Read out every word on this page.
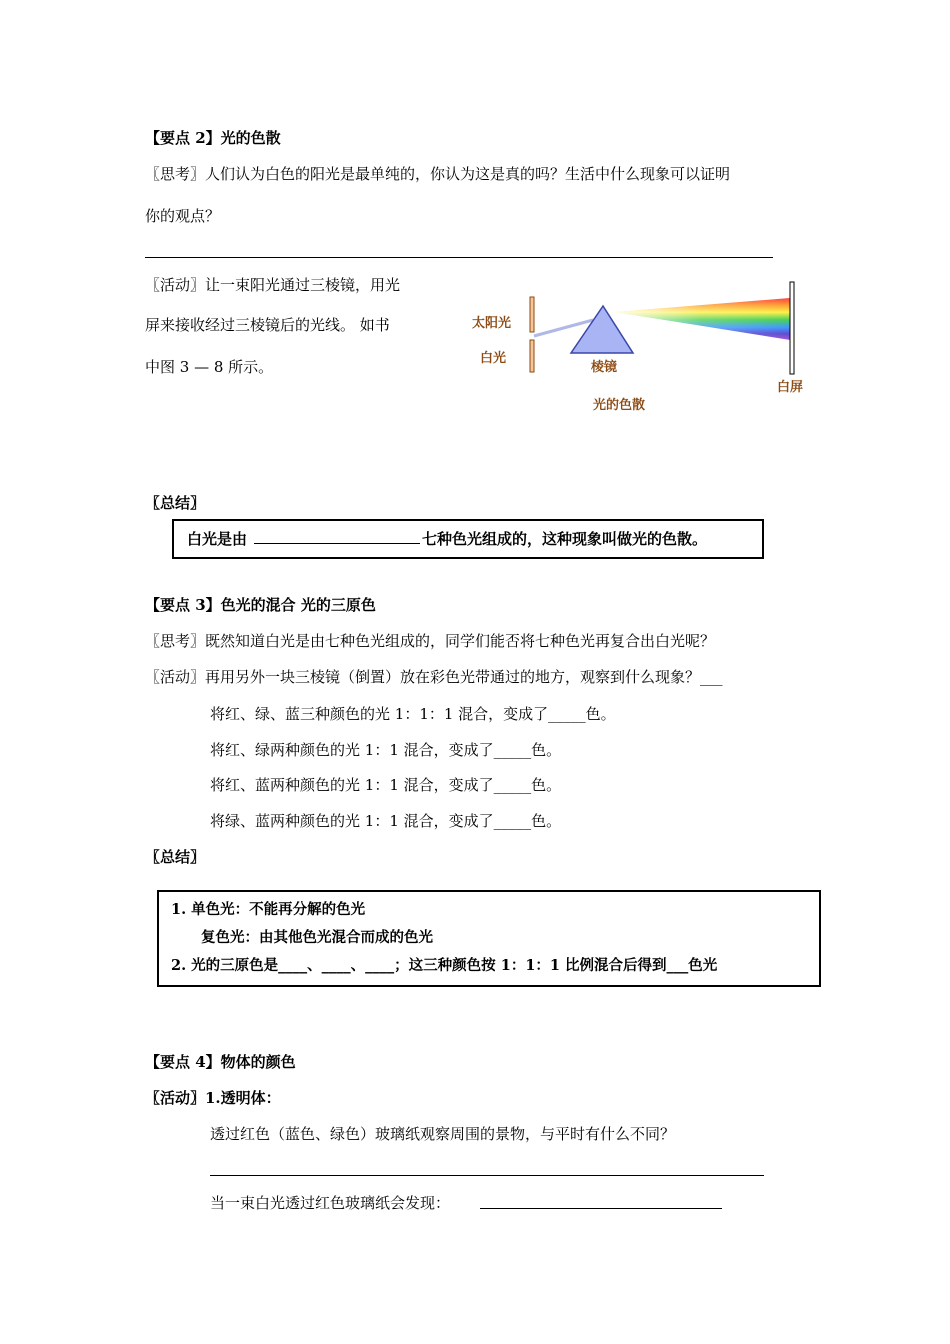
【要点 2】光的色散
〖思考〗人们认为白色的阳光是最单纯的，你认为这是真的吗？生活中什么现象可以证明
你的观点？
〖活动〗让一束阳光通过三棱镜，用光
屏来接收经过三棱镜后的光线。 如书
中图 3 — 8 所示。
太阳光
白光
棱镜
白屏
光的色散
〖总结〗
白光是由	七种色光组成的，这种现象叫做光的色散。
【要点 3】色光的混合 光的三原色
〖思考〗既然知道白光是由七种色光组成的，同学们能否将七种色光再复合出白光呢？
〖活动〗再用另外一块三棱镜（倒置）放在彩色光带通过的地方，观察到什么现象？___
将红、绿、蓝三种颜色的光 1：1：1 混合，变成了_____色。
将红、绿两种颜色的光 1：1 混合，变成了_____色。
将红、蓝两种颜色的光 1：1 混合，变成了_____色。
将绿、蓝两种颜色的光 1：1 混合，变成了_____色。
〖总结〗
1. 单色光：不能再分解的色光
复色光：由其他色光混合而成的色光
2. 光的三原色是____、____、____；这三种颜色按 1：1：1 比例混合后得到___色光
【要点 4】物体的颜色
〖活动〗1.透明体：
透过红色（蓝色、绿色）玻璃纸观察周围的景物，与平时有什么不同？
当一束白光透过红色玻璃纸会发现：
